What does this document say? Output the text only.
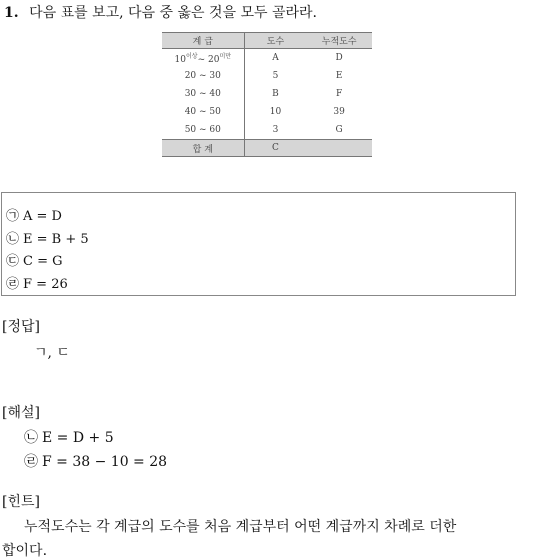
1. 다음 표를 보고, 다음 중 옳은 것을 모두 골라라.
계 급	도수	누적도수
$10^{이상}\sim$ $20^{미만}$	A	D
20 ~ 30	5	E
30 ~ 40	B	F
40 ~ 50	10	39
50 ~ 60	3	G
합 계	C	
㉠ A = D
㉡ E = B + 5
㉢ C = G
㉣ F = 26
[정답]
ㄱ, ㄷ
[해설]
㉡ E = D + 5
㉣ F = 38 − 10 = 28
[힌트]
누적도수는 각 계급의 도수를 처음 계급부터 어떤 계급까지 차례로 더한
합이다.
